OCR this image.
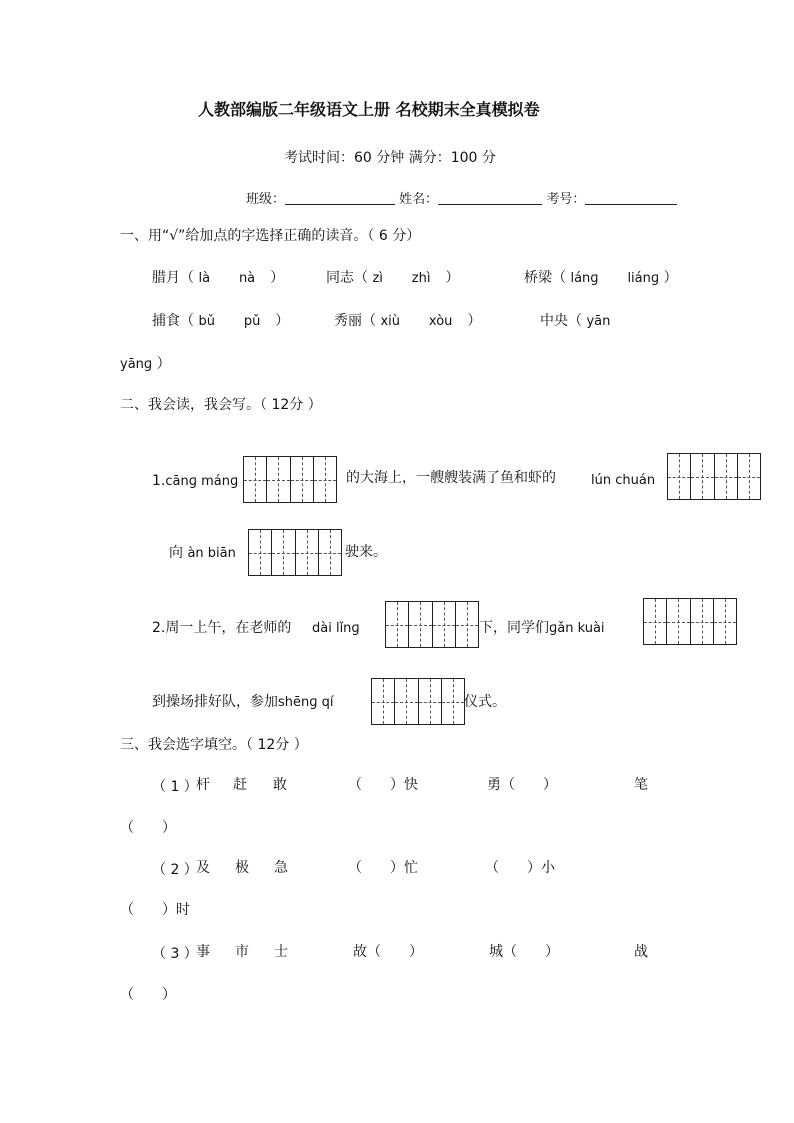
人教部编版二年级语文上册 名校期末全真模拟卷
考试时间：60 分钟 满分：100 分
班级：	姓名：	考号：
一、用“√”给加点的字选择正确的读音。（ 6 分）
腊月（ là nà ）	同志（ zì zhì ）	桥梁（ lánɡ liánɡ ）
捕食（ bǔ pǔ ）	秀丽（ xiù xòu ）	中央（ yān
yānɡ ）
二、我会读，我会写。（ 12分 ）
1.cānɡ mánɡ	的大海上，一艘艘装满了鱼和虾的	lún chuán
向 àn biān	驶来。
2.周一上午，在老师的 dài lǐnɡ	下，同学们ɡǎn kuài
到操场排好队，参加shēnɡ qí	仪式。
三、我会选字填空。（ 12分 ）
（ 1 ）
杆 赶 敢	（　　）快	勇（　　）	笔
（　　）
（ 2 ）
及 极 急	（　　）忙	（　　）小
（　　）时
（ 3 ）
事 市 士	故（　　）	城（　　）	战
（　　）
